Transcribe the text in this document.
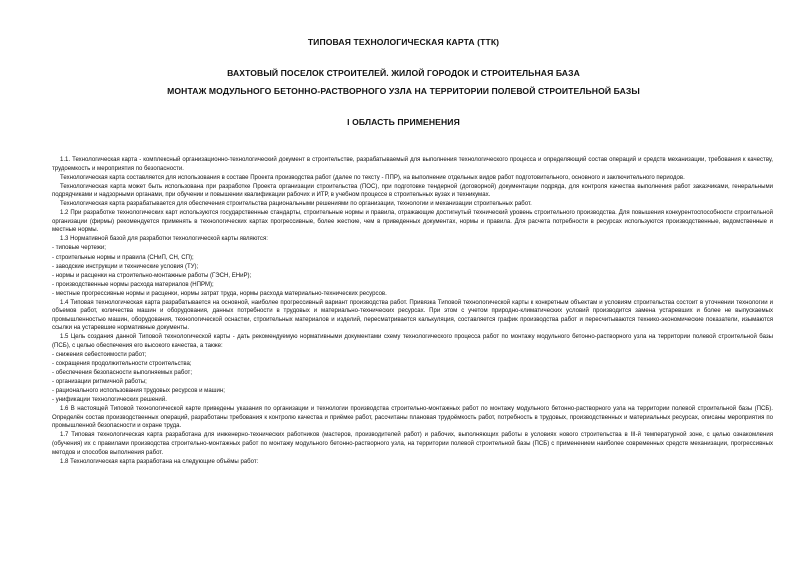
ТИПОВАЯ ТЕХНОЛОГИЧЕСКАЯ КАРТА (ТТК)

ВАХТОВЫЙ ПОСЕЛОК СТРОИТЕЛЕЙ. ЖИЛОЙ ГОРОДОК И СТРОИТЕЛЬНАЯ БАЗА

МОНТАЖ МОДУЛЬНОГО БЕТОННО-РАСТВОРНОГО УЗЛА НА ТЕРРИТОРИИ ПОЛЕВОЙ СТРОИТЕЛЬНОЙ БАЗЫ

I ОБЛАСТЬ ПРИМЕНЕНИЯ

1.1. Технологическая карта - комплексный организационно-технологический документ в строительстве, разрабатываемый для выполнения технологического процесса и определяющий состав операций и средств механизации, требования к качеству, трудоемкость и мероприятия по безопасности.

Технологическая карта составляется для использования в составе Проекта производства работ (далее по тексту - ППР), на выполнение отдельных видов работ подготовительного, основного и заключительного периодов.

Технологическая карта может быть использована при разработке Проекта организации строительства (ПОС), при подготовке тендерной (договорной) документации подряда, для контроля качества выполнения работ заказчиками, генеральными подрядчиками и надзорными органами, при обучении и повышении квалификации рабочих и ИТР, в учебном процессе в строительных вузах и техникумах.

Технологическая карта разрабатывается для обеспечения строительства рациональными решениями по организации, технологии и механизации строительных работ.

1.2 При разработке технологических карт используются государственные стандарты, строительные нормы и правила, отражающие достигнутый технический уровень строительного производства. Для повышения конкурентоспособности строительной организации (фирмы) рекомендуется применять в технологических картах прогрессивные, более жесткие, чем в приведенных документах, нормы и правила. Для расчета потребности в ресурсах используются производственные, ведомственные и местные нормы.

1.3 Нормативной базой для разработки технологической карты являются:

- типовые чертежи;

- строительные нормы и правила (СНиП, СН, СП);

- заводские инструкции и технические условия (ТУ);

- нормы и расценки на строительно-монтажные работы (ГЭСН, ЕНиР);

- производственные нормы расхода материалов (НПРМ);

- местные прогрессивные нормы и расценки, нормы затрат труда, нормы расхода материально-технических ресурсов.

1.4 Типовая технологическая карта разрабатывается на основной, наиболее прогрессивный вариант производства работ. Привязка Типовой технологической карты к конкретным объектам и условиям строительства состоит в уточнении технологии и объемов работ, количества машин и оборудования, данных потребности в трудовых и материально-технических ресурсах. При этом с учетом природно-климатических условий производится замена устаревших и более не выпускаемых промышленностью машин, оборудования, технологической оснастки, строительных материалов и изделий, пересматривается калькуляция, составляется график производства работ и пересчитываются технико-экономические показатели, изымаются ссылки на устаревшие нормативные документы.

1.5 Цель создания данной Типовой технологической карты - дать рекомендуемую нормативными документами схему технологического процесса работ по монтажу модульного бетонно-растворного узла на территории полевой строительной базы (ПСБ), с целью обеспечения его высокого качества, а также:

- снижения себестоимости работ;

- сокращения продолжительности строительства;

- обеспечения безопасности выполняемых работ;

- организации ритмичной работы;

- рационального использования трудовых ресурсов и машин;

- унификации технологических решений.

1.6 В настоящей Типовой технологической карте приведены указания по организации и технологии производства строительно-монтажных работ по монтажу модульного бетонно-растворного узла на территории полевой строительной базы (ПСБ). Определён состав производственных операций, разработаны требования к контролю качества и приёмке работ, рассчитаны плановая трудоёмкость работ, потребность в трудовых, производственных и материальных ресурсах, описаны мероприятия по промышленной безопасности и охране труда.

1.7 Типовая технологическая карта разработана для инженерно-технических работников (мастеров, производителей работ) и рабочих, выполняющих работы в условиях нового строительства в III-й температурной зоне, с целью ознакомления (обучения) их с правилами производства строительно-монтажных работ по монтажу модульного бетонно-растворного узла, на территории полевой строительной базы (ПСБ) с применением наиболее современных средств механизации, прогрессивных методов и способов выполнения работ.

1.8 Технологическая карта разработана на следующие объёмы работ:
